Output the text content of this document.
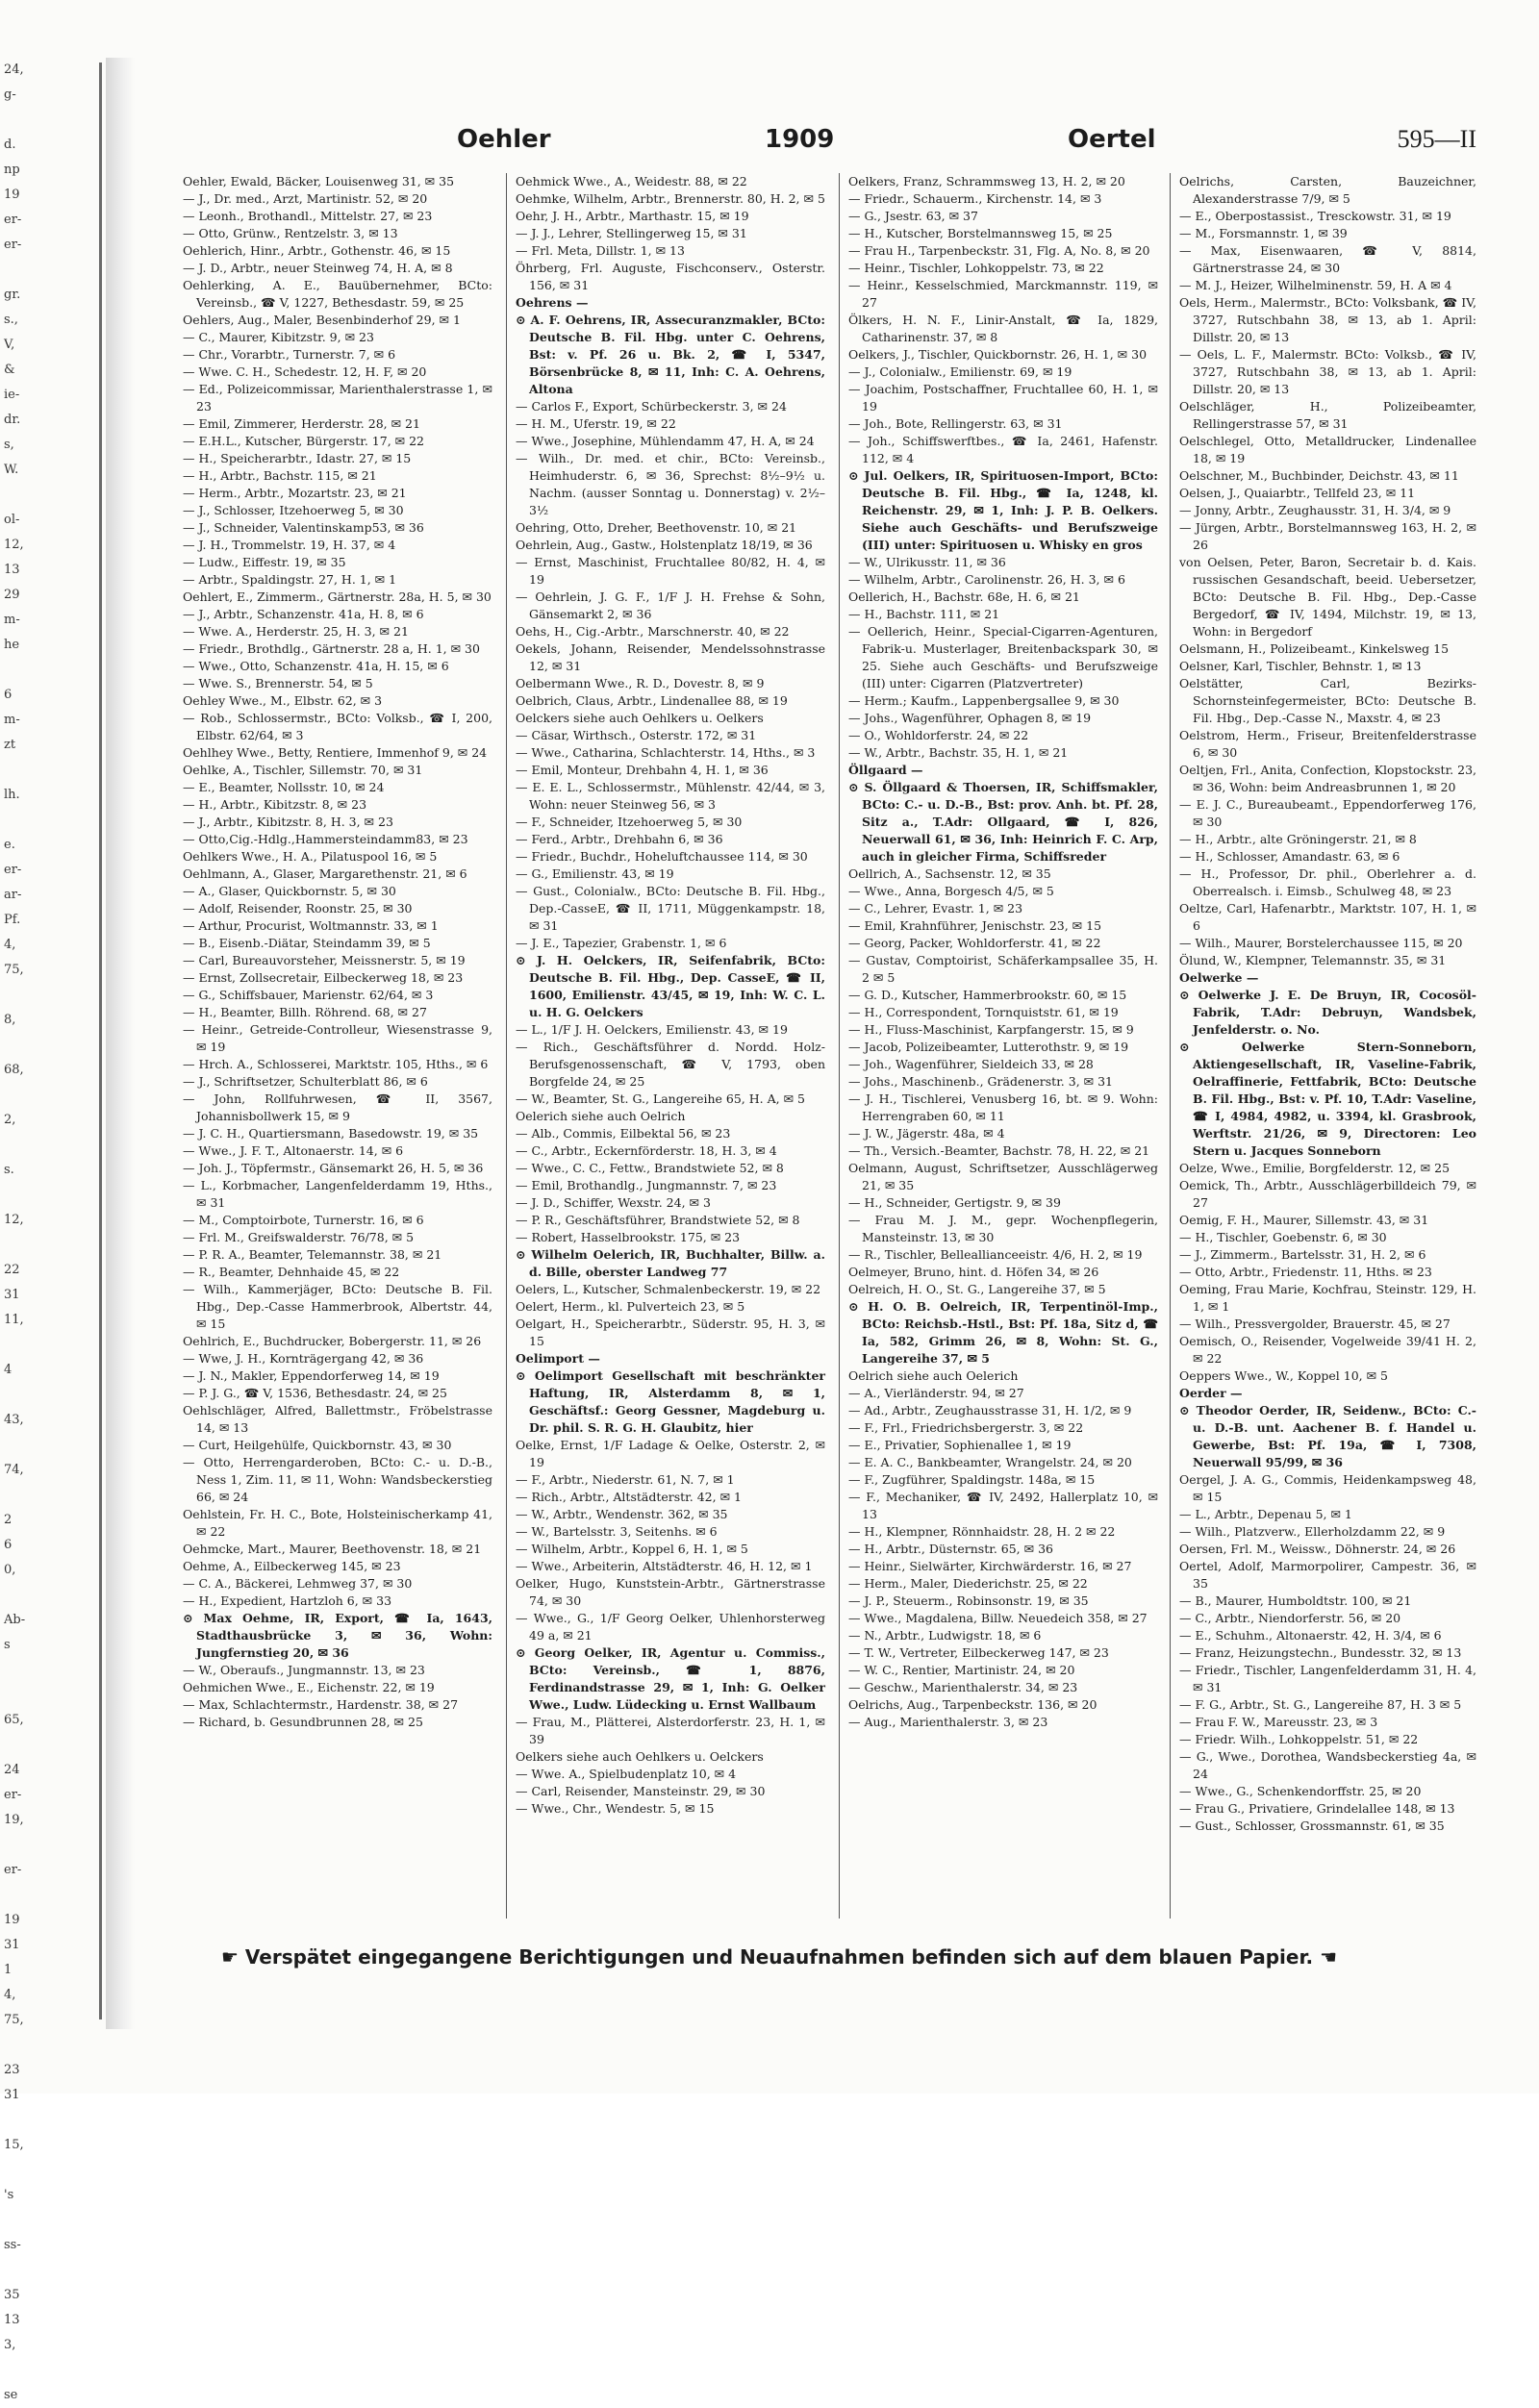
24,
g-
d.
np
19
er-
er-
gr.
s.,
V,
&
ie-
dr.
s,
W.
ol-
12,
13
29
m-
he
6
m-
zt
lh.
e.
er-
ar-
Pf.
4,
75,
8,
68,
2,
s.
12,
22
31
11,
4
43,
74,
2
6
0,
Ab-
s
65,
24
er-
19,
er-
19
31
1
4,
75,
23
31
15,
's
ss-
35
13
3,
se
Oehler	1909	Oertel	595—II

Oehler, Ewald, Bäcker, Louisenweg 31, ✉ 35

— J., Dr. med., Arzt, Martinistr. 52, ✉ 20

— Leonh., Brothandl., Mittelstr. 27, ✉ 23

— Otto, Grünw., Rentzelstr. 3, ✉ 13

Oehlerich, Hinr., Arbtr., Gothenstr. 46, ✉ 15

— J. D., Arbtr., neuer Steinweg 74, H. A, ✉ 8

Oehlerking, A. E., Bauübernehmer, BCto: Vereinsb., ☎ V, 1227, Bethesdastr. 59, ✉ 25

Oehlers, Aug., Maler, Besenbinderhof 29, ✉ 1

— C., Maurer, Kibitzstr. 9, ✉ 23

— Chr., Vorarbtr., Turnerstr. 7, ✉ 6

— Wwe. C. H., Schedestr. 12, H. F, ✉ 20

— Ed., Polizeicommissar, Marienthalerstrasse 1, ✉ 23

— Emil, Zimmerer, Herderstr. 28, ✉ 21

— E.H.L., Kutscher, Bürgerstr. 17, ✉ 22

— H., Speicherarbtr., Idastr. 27, ✉ 15

— H., Arbtr., Bachstr. 115, ✉ 21

— Herm., Arbtr., Mozartstr. 23, ✉ 21

— J., Schlosser, Itzehoerweg 5, ✉ 30

— J., Schneider, Valentinskamp53, ✉ 36

— J. H., Trommelstr. 19, H. 37, ✉ 4

— Ludw., Eiffestr. 19, ✉ 35

— Arbtr., Spaldingstr. 27, H. 1, ✉ 1

Oehlert, E., Zimmerm., Gärtnerstr. 28a, H. 5, ✉ 30

— J., Arbtr., Schanzenstr. 41a, H. 8, ✉ 6

— Wwe. A., Herderstr. 25, H. 3, ✉ 21

— Friedr., Brothdlg., Gärtnerstr. 28 a, H. 1, ✉ 30

— Wwe., Otto, Schanzenstr. 41a, H. 15, ✉ 6

— Wwe. S., Brennerstr. 54, ✉ 5

Oehley Wwe., M., Elbstr. 62, ✉ 3

— Rob., Schlossermstr., BCto: Volksb., ☎ I, 200, Elbstr. 62/64, ✉ 3

Oehlhey Wwe., Betty, Rentiere, Immenhof 9, ✉ 24

Oehlke, A., Tischler, Sillemstr. 70, ✉ 31

— E., Beamter, Nollsstr. 10, ✉ 24

— H., Arbtr., Kibitzstr. 8, ✉ 23

— J., Arbtr., Kibitzstr. 8, H. 3, ✉ 23

— Otto,Cig.-Hdlg.,Hammersteindamm83, ✉ 23

Oehlkers Wwe., H. A., Pilatuspool 16, ✉ 5

Oehlmann, A., Glaser, Margarethenstr. 21, ✉ 6

— A., Glaser, Quickbornstr. 5, ✉ 30

— Adolf, Reisender, Roonstr. 25, ✉ 30

— Arthur, Procurist, Woltmannstr. 33, ✉ 1

— B., Eisenb.-Diätar, Steindamm 39, ✉ 5

— Carl, Bureauvorsteher, Meissnerstr. 5, ✉ 19

— Ernst, Zollsecretair, Eilbeckerweg 18, ✉ 23

— G., Schiffsbauer, Marienstr. 62/64, ✉ 3

— H., Beamter, Billh. Röhrend. 68, ✉ 27

— Heinr., Getreide-Controlleur, Wiesenstrasse 9, ✉ 19

— Hrch. A., Schlosserei, Marktstr. 105, Hths., ✉ 6

— J., Schriftsetzer, Schulterblatt 86, ✉ 6

— John, Rollfuhrwesen, ☎ II, 3567, Johannisbollwerk 15, ✉ 9

— J. C. H., Quartiersmann, Basedowstr. 19, ✉ 35

— Wwe., J. F. T., Altonaerstr. 14, ✉ 6

— Joh. J., Töpfermstr., Gänsemarkt 26, H. 5, ✉ 36

— L., Korbmacher, Langenfelderdamm 19, Hths., ✉ 31

— M., Comptoirbote, Turnerstr. 16, ✉ 6

— Frl. M., Greifswalderstr. 76/78, ✉ 5

— P. R. A., Beamter, Telemannstr. 38, ✉ 21

— R., Beamter, Dehnhaide 45, ✉ 22

— Wilh., Kammerjäger, BCto: Deutsche B. Fil. Hbg., Dep.-Casse Hammerbrook, Albertstr. 44, ✉ 15

Oehlrich, E., Buchdrucker, Bobergerstr. 11, ✉ 26

— Wwe, J. H., Kornträgergang 42, ✉ 36

— J. N., Makler, Eppendorferweg 14, ✉ 19

— P. J. G., ☎ V, 1536, Bethesdastr. 24, ✉ 25

Oehlschläger, Alfred, Ballettmstr., Fröbelstrasse 14, ✉ 13

— Curt, Heilgehülfe, Quickbornstr. 43, ✉ 30

— Otto, Herrengarderoben, BCto: C.- u. D.-B., Ness 1, Zim. 11, ✉ 11, Wohn: Wandsbeckerstieg 66, ✉ 24

Oehlstein, Fr. H. C., Bote, Holsteinischerkamp 41, ✉ 22

Oehmcke, Mart., Maurer, Beethovenstr. 18, ✉ 21

Oehme, A., Eilbeckerweg 145, ✉ 23

— C. A., Bäckerei, Lehmweg 37, ✉ 30

— H., Expedient, Hartzloh 6, ✉ 33

⊙ Max Oehme, IR, Export, ☎ Ia, 1643, Stadthausbrücke 3, ✉ 36, Wohn: Jungfernstieg 20, ✉ 36

— W., Oberaufs., Jungmannstr. 13, ✉ 23

Oehmichen Wwe., E., Eichenstr. 22, ✉ 19

— Max, Schlachtermstr., Hardenstr. 38, ✉ 27

— Richard, b. Gesundbrunnen 28, ✉ 25

Oehmick Wwe., A., Weidestr. 88, ✉ 22

Oehmke, Wilhelm, Arbtr., Brennerstr. 80, H. 2, ✉ 5

Oehr, J. H., Arbtr., Marthastr. 15, ✉ 19

— J. J., Lehrer, Stellingerweg 15, ✉ 31

— Frl. Meta, Dillstr. 1, ✉ 13

Öhrberg, Frl. Auguste, Fischconserv., Osterstr. 156, ✉ 31

Oehrens —

⊙ A. F. Oehrens, IR, Assecuranzmakler, BCto: Deutsche B. Fil. Hbg. unter C. Oehrens, Bst: v. Pf. 26 u. Bk. 2, ☎ I, 5347, Börsenbrücke 8, ✉ 11, Inh: C. A. Oehrens, Altona

— Carlos F., Export, Schürbeckerstr. 3, ✉ 24

— H. M., Uferstr. 19, ✉ 22

— Wwe., Josephine, Mühlendamm 47, H. A, ✉ 24

— Wilh., Dr. med. et chir., BCto: Vereinsb., Heimhuderstr. 6, ✉ 36, Sprechst: 8½–9½ u. Nachm. (ausser Sonntag u. Donnerstag) v. 2½–3½

Oehring, Otto, Dreher, Beethovenstr. 10, ✉ 21

Oehrlein, Aug., Gastw., Holstenplatz 18/19, ✉ 36

— Ernst, Maschinist, Fruchtallee 80/82, H. 4, ✉ 19

— Oehrlein, J. G. F., 1/F J. H. Frehse & Sohn, Gänsemarkt 2, ✉ 36

Oehs, H., Cig.-Arbtr., Marschnerstr. 40, ✉ 22

Oekels, Johann, Reisender, Mendelssohnstrasse 12, ✉ 31

Oelbermann Wwe., R. D., Dovestr. 8, ✉ 9

Oelbrich, Claus, Arbtr., Lindenallee 88, ✉ 19

Oelckers siehe auch Oehlkers u. Oelkers

— Cäsar, Wirthsch., Osterstr. 172, ✉ 31

— Wwe., Catharina, Schlachterstr. 14, Hths., ✉ 3

— Emil, Monteur, Drehbahn 4, H. 1, ✉ 36

— E. E. L., Schlossermstr., Mühlenstr. 42/44, ✉ 3, Wohn: neuer Steinweg 56, ✉ 3

— F., Schneider, Itzehoerweg 5, ✉ 30

— Ferd., Arbtr., Drehbahn 6, ✉ 36

— Friedr., Buchdr., Hoheluftchaussee 114, ✉ 30

— G., Emilienstr. 43, ✉ 19

— Gust., Colonialw., BCto: Deutsche B. Fil. Hbg., Dep.-CasseE, ☎ II, 1711, Müggenkampstr. 18, ✉ 31

— J. E., Tapezier, Grabenstr. 1, ✉ 6

⊙ J. H. Oelckers, IR, Seifenfabrik, BCto: Deutsche B. Fil. Hbg., Dep. CasseE, ☎ II, 1600, Emilienstr. 43/45, ✉ 19, Inh: W. C. L. u. H. G. Oelckers

— L., 1/F J. H. Oelckers, Emilienstr. 43, ✉ 19

— Rich., Geschäftsführer d. Nordd. Holz-Berufsgenossenschaft, ☎ V, 1793, oben Borgfelde 24, ✉ 25

— W., Beamter, St. G., Langereihe 65, H. A, ✉ 5

Oelerich siehe auch Oelrich

— Alb., Commis, Eilbektal 56, ✉ 23

— C., Arbtr., Eckernförderstr. 18, H. 3, ✉ 4

— Wwe., C. C., Fettw., Brandstwiete 52, ✉ 8

— Emil, Brothandlg., Jungmannstr. 7, ✉ 23

— J. D., Schiffer, Wexstr. 24, ✉ 3

— P. R., Geschäftsführer, Brandstwiete 52, ✉ 8

— Robert, Hasselbrookstr. 175, ✉ 23

⊙ Wilhelm Oelerich, IR, Buchhalter, Billw. a. d. Bille, oberster Landweg 77

Oelers, L., Kutscher, Schmalenbeckerstr. 19, ✉ 22

Oelert, Herm., kl. Pulverteich 23, ✉ 5

Oelgart, H., Speicherarbtr., Süderstr. 95, H. 3, ✉ 15

Oelimport —

⊙ Oelimport Gesellschaft mit beschränkter Haftung, IR, Alsterdamm 8, ✉ 1, Geschäftsf.: Georg Gessner, Magdeburg u. Dr. phil. S. R. G. H. Glaubitz, hier

Oelke, Ernst, 1/F Ladage & Oelke, Osterstr. 2, ✉ 19

— F., Arbtr., Niederstr. 61, N. 7, ✉ 1

— Rich., Arbtr., Altstädterstr. 42, ✉ 1

— W., Arbtr., Wendenstr. 362, ✉ 35

— W., Bartelsstr. 3, Seitenhs. ✉ 6

— Wilhelm, Arbtr., Koppel 6, H. 1, ✉ 5

— Wwe., Arbeiterin, Altstädterstr. 46, H. 12, ✉ 1

Oelker, Hugo, Kunststein-Arbtr., Gärtnerstrasse 74, ✉ 30

— Wwe., G., 1/F Georg Oelker, Uhlenhorsterweg 49 a, ✉ 21

⊙ Georg Oelker, IR, Agentur u. Commiss., BCto: Vereinsb., ☎ 1, 8876, Ferdinandstrasse 29, ✉ 1, Inh: G. Oelker Wwe., Ludw. Lüdecking u. Ernst Wallbaum

— Frau, M., Plätterei, Alsterdorferstr. 23, H. 1, ✉ 39

Oelkers siehe auch Oehlkers u. Oelckers

— Wwe. A., Spielbudenplatz 10, ✉ 4

— Carl, Reisender, Mansteinstr. 29, ✉ 30

— Wwe., Chr., Wendestr. 5, ✉ 15

Oelkers, Franz, Schrammsweg 13, H. 2, ✉ 20

— Friedr., Schauerm., Kirchenstr. 14, ✉ 3

— G., Jsestr. 63, ✉ 37

— H., Kutscher, Borstelmannsweg 15, ✉ 25

— Frau H., Tarpenbeckstr. 31, Flg. A, No. 8, ✉ 20

— Heinr., Tischler, Lohkoppelstr. 73, ✉ 22

— Heinr., Kesselschmied, Marckmannstr. 119, ✉ 27

Ölkers, H. N. F., Linir-Anstalt, ☎ Ia, 1829, Catharinenstr. 37, ✉ 8

Oelkers, J., Tischler, Quickbornstr. 26, H. 1, ✉ 30

— J., Colonialw., Emilienstr. 69, ✉ 19

— Joachim, Postschaffner, Fruchtallee 60, H. 1, ✉ 19

— Joh., Bote, Rellingerstr. 63, ✉ 31

— Joh., Schiffswerftbes., ☎ Ia, 2461, Hafenstr. 112, ✉ 4

⊙ Jul. Oelkers, IR, Spirituosen-Import, BCto: Deutsche B. Fil. Hbg., ☎ Ia, 1248, kl. Reichenstr. 29, ✉ 1, Inh: J. P. B. Oelkers. Siehe auch Geschäfts- und Berufszweige (III) unter: Spirituosen u. Whisky en gros

— W., Ulrikusstr. 11, ✉ 36

— Wilhelm, Arbtr., Carolinenstr. 26, H. 3, ✉ 6

Oellerich, H., Bachstr. 68e, H. 6, ✉ 21

— H., Bachstr. 111, ✉ 21

— Oellerich, Heinr., Special-Cigarren-Agenturen, Fabrik-u. Musterlager, Breitenbackspark 30, ✉ 25. Siehe auch Geschäfts- und Berufszweige (III) unter: Cigarren (Platzvertreter)

— Herm.; Kaufm., Lappenbergsallee 9, ✉ 30

— Johs., Wagenführer, Ophagen 8, ✉ 19

— O., Wohldorferstr. 24, ✉ 22

— W., Arbtr., Bachstr. 35, H. 1, ✉ 21

Öllgaard —

⊙ S. Öllgaard & Thoersen, IR, Schiffsmakler, BCto: C.- u. D.-B., Bst: prov. Anh. bt. Pf. 28, Sitz a., T.Adr: Ollgaard, ☎ I, 826, Neuerwall 61, ✉ 36, Inh: Heinrich F. C. Arp, auch in gleicher Firma, Schiffsreder

Oellrich, A., Sachsenstr. 12, ✉ 35

— Wwe., Anna, Borgesch 4/5, ✉ 5

— C., Lehrer, Evastr. 1, ✉ 23

— Emil, Krahnführer, Jenischstr. 23, ✉ 15

— Georg, Packer, Wohldorferstr. 41, ✉ 22

— Gustav, Comptoirist, Schäferkampsallee 35, H. 2 ✉ 5

— G. D., Kutscher, Hammerbrookstr. 60, ✉ 15

— H., Correspondent, Tornquiststr. 61, ✉ 19

— H., Fluss-Maschinist, Karpfangerstr. 15, ✉ 9

— Jacob, Polizeibeamter, Lutterothstr. 9, ✉ 19

— Joh., Wagenführer, Sieldeich 33, ✉ 28

— Johs., Maschinenb., Grädenerstr. 3, ✉ 31

— J. H., Tischlerei, Venusberg 16, bt. ✉ 9. Wohn: Herrengraben 60, ✉ 11

— J. W., Jägerstr. 48a, ✉ 4

— Th., Versich.-Beamter, Bachstr. 78, H. 22, ✉ 21

Oelmann, August, Schriftsetzer, Ausschlägerweg 21, ✉ 35

— H., Schneider, Gertigstr. 9, ✉ 39

— Frau M. J. M., gepr. Wochenpflegerin, Mansteinstr. 13, ✉ 30

— R., Tischler, Belleallianceeistr. 4/6, H. 2, ✉ 19

Oelmeyer, Bruno, hint. d. Höfen 34, ✉ 26

Oelreich, H. O., St. G., Langereihe 37, ✉ 5

⊙ H. O. B. Oelreich, IR, Terpentinöl-Imp., BCto: Reichsb.-Hstl., Bst: Pf. 18a, Sitz d, ☎ Ia, 582, Grimm 26, ✉ 8, Wohn: St. G., Langereihe 37, ✉ 5

Oelrich siehe auch Oelerich

— A., Vierländerstr. 94, ✉ 27

— Ad., Arbtr., Zeughausstrasse 31, H. 1/2, ✉ 9

— F., Frl., Friedrichsbergerstr. 3, ✉ 22

— E., Privatier, Sophienallee 1, ✉ 19

— E. A. C., Bankbeamter, Wrangelstr. 24, ✉ 20

— F., Zugführer, Spaldingstr. 148a, ✉ 15

— F., Mechaniker, ☎ IV, 2492, Hallerplatz 10, ✉ 13

— H., Klempner, Rönnhaidstr. 28, H. 2 ✉ 22

— H., Arbtr., Düsternstr. 65, ✉ 36

— Heinr., Sielwärter, Kirchwärderstr. 16, ✉ 27

— Herm., Maler, Diederichstr. 25, ✉ 22

— J. P., Steuerm., Robinsonstr. 19, ✉ 35

— Wwe., Magdalena, Billw. Neuedeich 358, ✉ 27

— N., Arbtr., Ludwigstr. 18, ✉ 6

— T. W., Vertreter, Eilbeckerweg 147, ✉ 23

— W. C., Rentier, Martinistr. 24, ✉ 20

— Geschw., Marienthalerstr. 34, ✉ 23

Oelrichs, Aug., Tarpenbeckstr. 136, ✉ 20

— Aug., Marienthalerstr. 3, ✉ 23

Oelrichs, Carsten, Bauzeichner, Alexanderstrasse 7/9, ✉ 5

— E., Oberpostassist., Tresckowstr. 31, ✉ 19

— M., Forsmannstr. 1, ✉ 39

— Max, Eisenwaaren, ☎ V, 8814, Gärtnerstrasse 24, ✉ 30

— M. J., Heizer, Wilhelminenstr. 59, H. A ✉ 4

Oels, Herm., Malermstr., BCto: Volksbank, ☎ IV, 3727, Rutschbahn 38, ✉ 13, ab 1. April: Dillstr. 20, ✉ 13

— Oels, L. F., Malermstr. BCto: Volksb., ☎ IV, 3727, Rutschbahn 38, ✉ 13, ab 1. April: Dillstr. 20, ✉ 13

Oelschläger, H., Polizeibeamter, Rellingerstrasse 57, ✉ 31

Oelschlegel, Otto, Metalldrucker, Lindenallee 18, ✉ 19

Oelschner, M., Buchbinder, Deichstr. 43, ✉ 11

Oelsen, J., Quaiarbtr., Tellfeld 23, ✉ 11

— Jonny, Arbtr., Zeughausstr. 31, H. 3/4, ✉ 9

— Jürgen, Arbtr., Borstelmannsweg 163, H. 2, ✉ 26

von Oelsen, Peter, Baron, Secretair b. d. Kais. russischen Gesandschaft, beeid. Uebersetzer, BCto: Deutsche B. Fil. Hbg., Dep.-Casse Bergedorf, ☎ IV, 1494, Milchstr. 19, ✉ 13, Wohn: in Bergedorf

Oelsmann, H., Polizeibeamt., Kinkelsweg 15

Oelsner, Karl, Tischler, Behnstr. 1, ✉ 13

Oelstätter, Carl, Bezirks-Schornsteinfegermeister, BCto: Deutsche B. Fil. Hbg., Dep.-Casse N., Maxstr. 4, ✉ 23

Oelstrom, Herm., Friseur, Breitenfelderstrasse 6, ✉ 30

Oeltjen, Frl., Anita, Confection, Klopstockstr. 23, ✉ 36, Wohn: beim Andreasbrunnen 1, ✉ 20

— E. J. C., Bureaubeamt., Eppendorferweg 176, ✉ 30

— H., Arbtr., alte Gröningerstr. 21, ✉ 8

— H., Schlosser, Amandastr. 63, ✉ 6

— H., Professor, Dr. phil., Oberlehrer a. d. Oberrealsch. i. Eimsb., Schulweg 48, ✉ 23

Oeltze, Carl, Hafenarbtr., Marktstr. 107, H. 1, ✉ 6

— Wilh., Maurer, Borstelerchaussee 115, ✉ 20

Ölund, W., Klempner, Telemannstr. 35, ✉ 31

Oelwerke —

⊙ Oelwerke J. E. De Bruyn, IR, Cocosöl-Fabrik, T.Adr: Debruyn, Wandsbek, Jenfelderstr. o. No.

⊙ Oelwerke Stern-Sonneborn, Aktiengesellschaft, IR, Vaseline-Fabrik, Oelraffinerie, Fettfabrik, BCto: Deutsche B. Fil. Hbg., Bst: v. Pf. 10, T.Adr: Vaseline, ☎ I, 4984, 4982, u. 3394, kl. Grasbrook, Werftstr. 21/26, ✉ 9, Directoren: Leo Stern u. Jacques Sonneborn

Oelze, Wwe., Emilie, Borgfelderstr. 12, ✉ 25

Oemick, Th., Arbtr., Ausschlägerbilldeich 79, ✉ 27

Oemig, F. H., Maurer, Sillemstr. 43, ✉ 31

— H., Tischler, Goebenstr. 6, ✉ 30

— J., Zimmerm., Bartelsstr. 31, H. 2, ✉ 6

— Otto, Arbtr., Friedenstr. 11, Hths. ✉ 23

Oeming, Frau Marie, Kochfrau, Steinstr. 129, H. 1, ✉ 1

— Wilh., Pressvergolder, Brauerstr. 45, ✉ 27

Oemisch, O., Reisender, Vogelweide 39/41 H. 2, ✉ 22

Oeppers Wwe., W., Koppel 10, ✉ 5

Oerder —

⊙ Theodor Oerder, IR, Seidenw., BCto: C.- u. D.-B. unt. Aachener B. f. Handel u. Gewerbe, Bst: Pf. 19a, ☎ I, 7308, Neuerwall 95/99, ✉ 36

Oergel, J. A. G., Commis, Heidenkampsweg 48, ✉ 15

— L., Arbtr., Depenau 5, ✉ 1

— Wilh., Platzverw., Ellerholzdamm 22, ✉ 9

Oersen, Frl. M., Weissw., Döhnerstr. 24, ✉ 26

Oertel, Adolf, Marmorpolirer, Campestr. 36, ✉ 35

— B., Maurer, Humboldtstr. 100, ✉ 21

— C., Arbtr., Niendorferstr. 56, ✉ 20

— E., Schuhm., Altonaerstr. 42, H. 3/4, ✉ 6

— Franz, Heizungstechn., Bundesstr. 32, ✉ 13

— Friedr., Tischler, Langenfelderdamm 31, H. 4, ✉ 31

— F. G., Arbtr., St. G., Langereihe 87, H. 3 ✉ 5

— Frau F. W., Mareusstr. 23, ✉ 3

— Friedr. Wilh., Lohkoppelstr. 51, ✉ 22

— G., Wwe., Dorothea, Wandsbeckerstieg 4a, ✉ 24

— Wwe., G., Schenkendorffstr. 25, ✉ 20

— Frau G., Privatiere, Grindelallee 148, ✉ 13

— Gust., Schlosser, Grossmannstr. 61, ✉ 35

☛ Verspätet eingegangene Berichtigungen und Neuaufnahmen befinden sich auf dem blauen Papier. ☚
